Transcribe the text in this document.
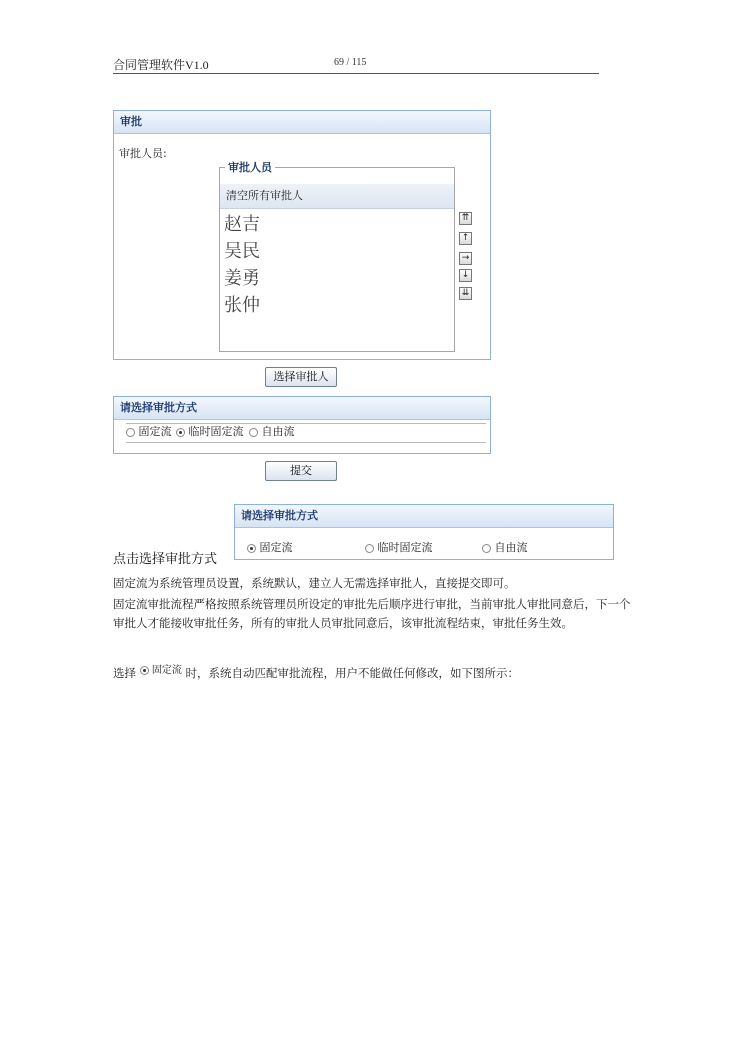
合同管理软件V1.0	69 / 115
审批
审批人员:
清空所有审批人
赵吉
吴民
姜勇
张仲
审批人员
⇈
↑
→
↓
⇊
选择审批人
请选择审批方式
固定流	临时固定流	自由流
提交
请选择审批方式
固定流	临时固定流	自由流
点击选择审批方式
固定流为系统管理员设置，系统默认，建立人无需选择审批人，直接提交即可。
固定流审批流程严格按照系统管理员所设定的审批先后顺序进行审批，当前审批人审批同意后，下一个审批人才能接收审批任务，所有的审批人员审批同意后，该审批流程结束，审批任务生效。
选择 固定流 时，系统自动匹配审批流程，用户不能做任何修改，如下图所示：
